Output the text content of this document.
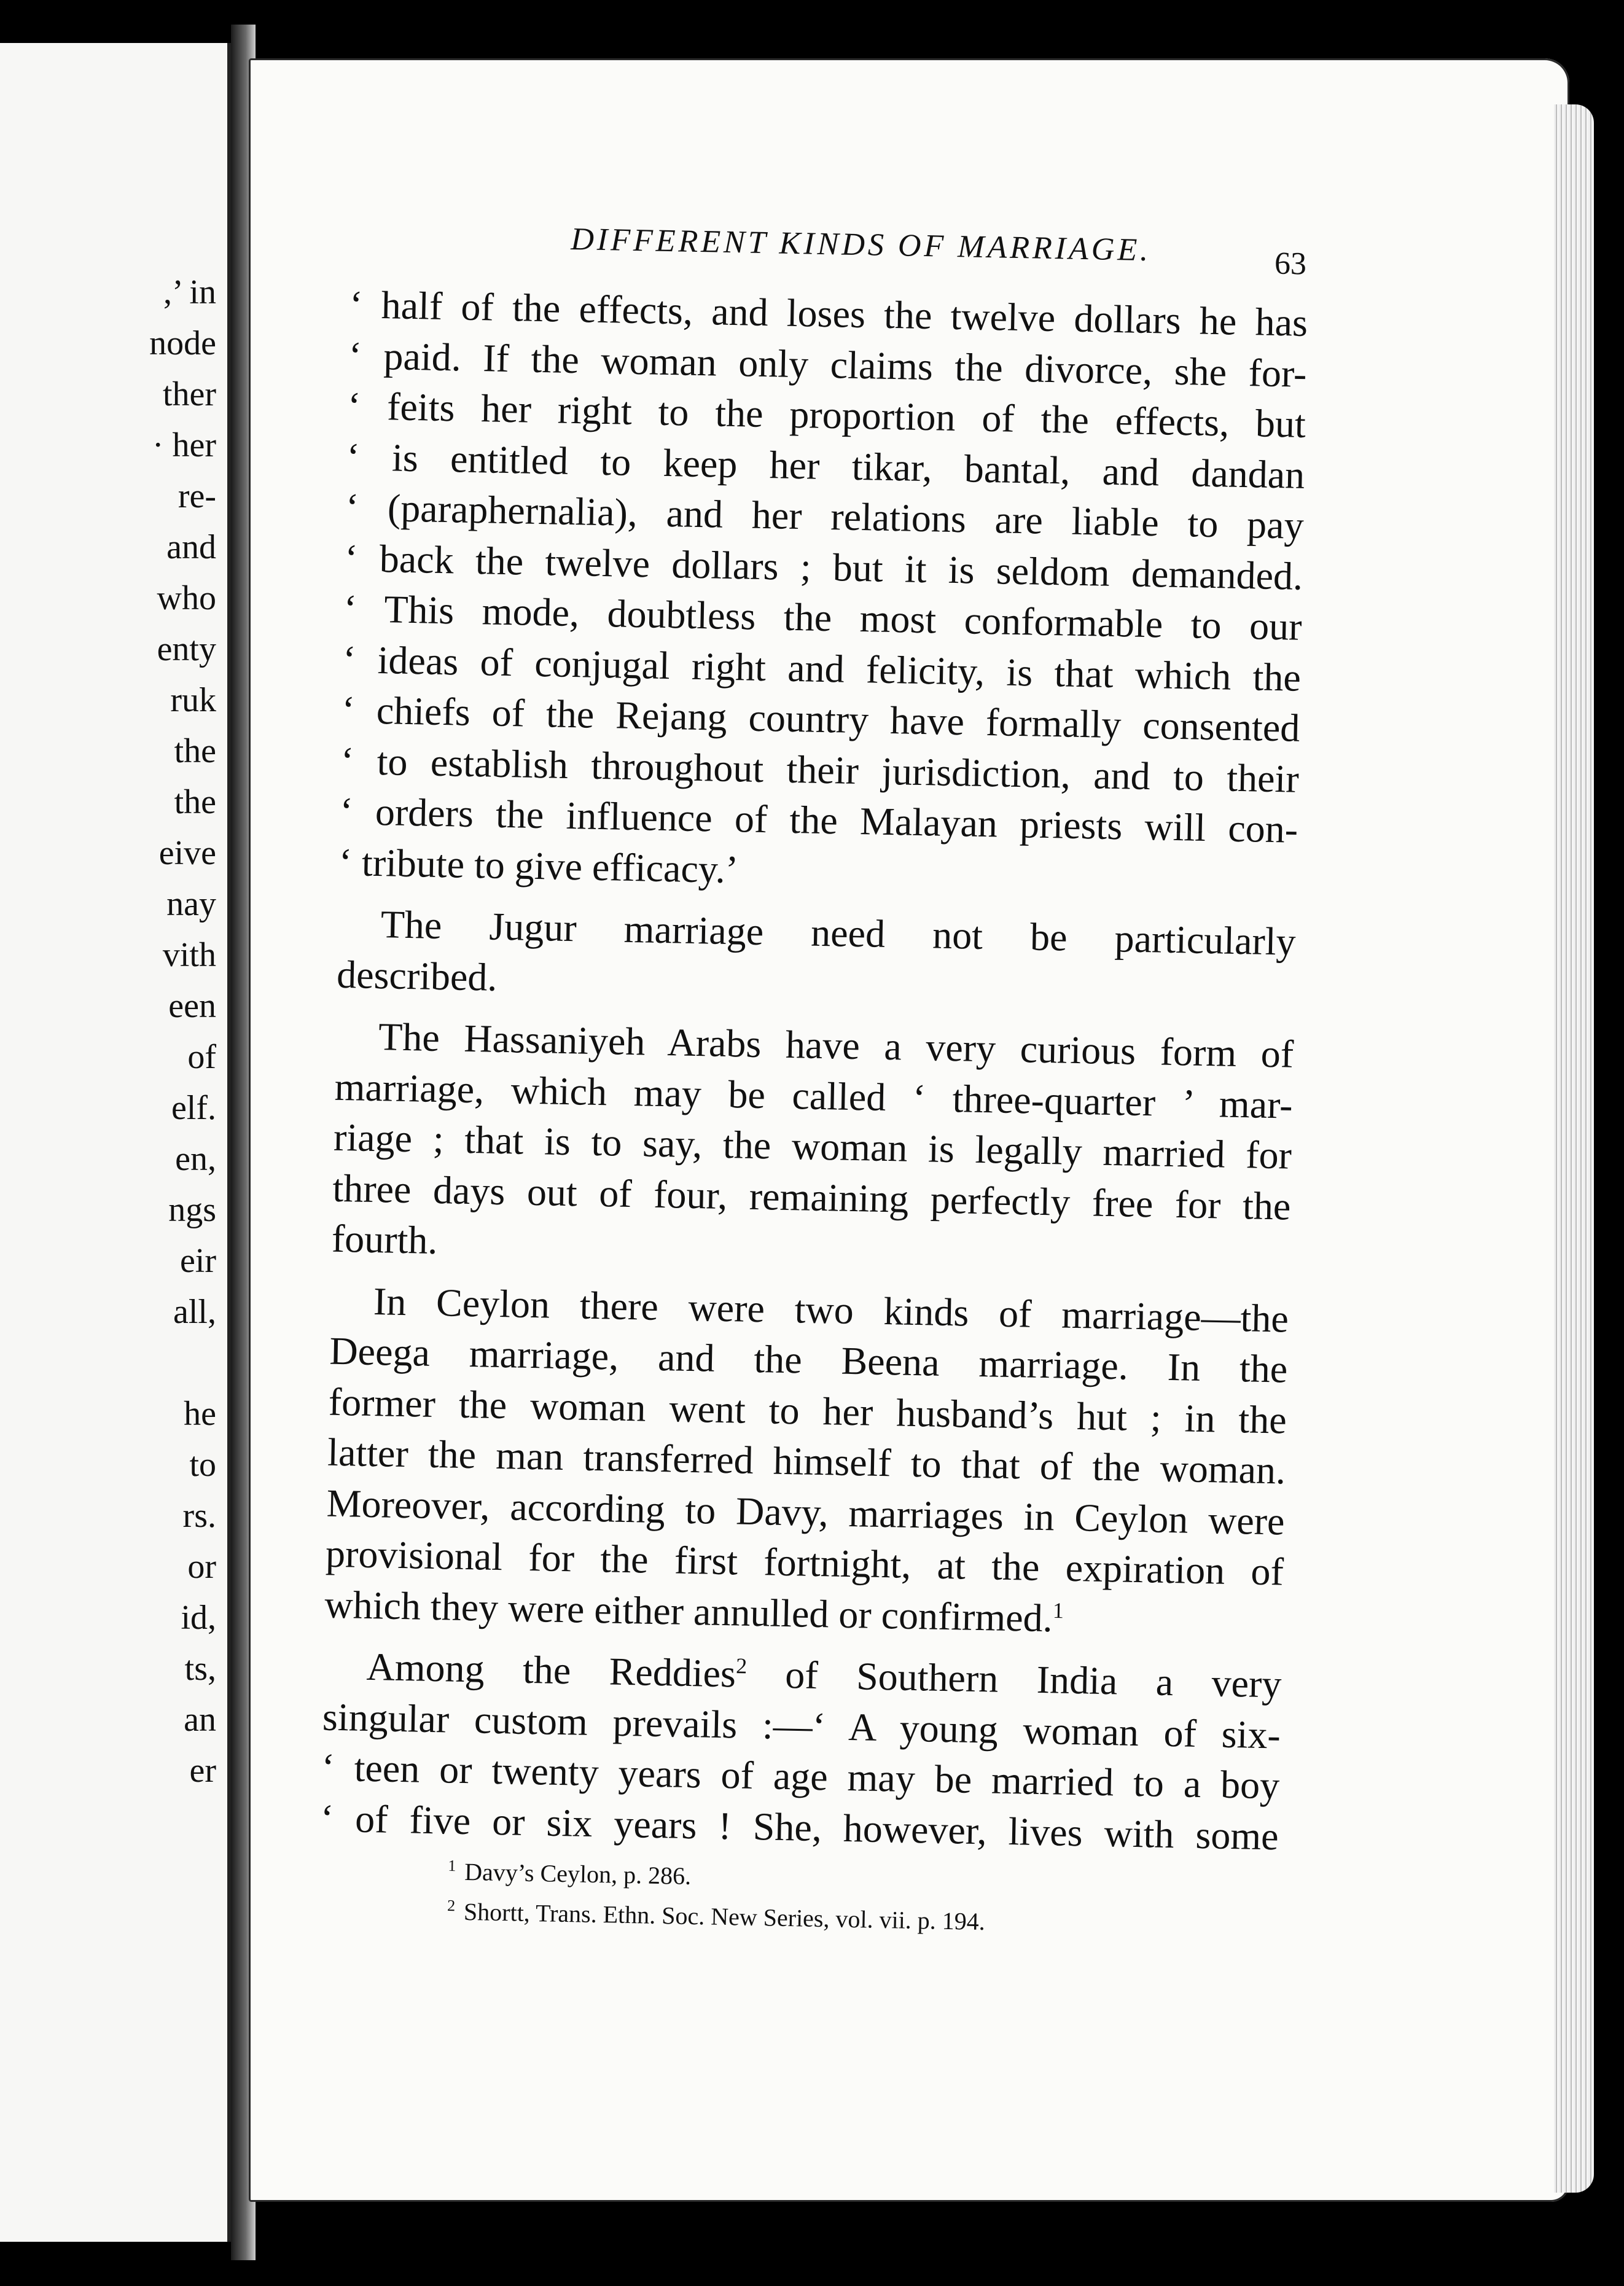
,’ in
node
ther
· her
re-
and
who
enty
ruk
the
the
eive
nay
vith
een
of
elf.
en,
ngs
eir
all,

he
to
rs.
or
id,
ts,
an
er
DIFFERENT KINDS OF MARRIAGE.	63

‘ half of the effects, and loses the twelve dollars he has
‘ paid. If the woman only claims the divorce, she for-
‘ feits her right to the proportion of the effects, but
‘ is entitled to keep her tikar, bantal, and dandan
‘ (paraphernalia), and her relations are liable to pay
‘ back the twelve dollars ; but it is seldom demanded.
‘ This mode, doubtless the most conformable to our
‘ ideas of conjugal right and felicity, is that which the
‘ chiefs of the Rejang country have formally consented
‘ to establish throughout their jurisdiction, and to their
‘ orders the influence of the Malayan priests will con-
‘ tribute to give efficacy.’

The Jugur marriage need not be particularly
described.

The Hassaniyeh Arabs have a very curious form of
marriage, which may be called ‘ three-quarter ’ mar-
riage ; that is to say, the woman is legally married for
three days out of four, remaining perfectly free for the
fourth.

In Ceylon there were two kinds of marriage—the
Deega marriage, and the Beena marriage. In the
former the woman went to her husband’s hut ; in the
latter the man transferred himself to that of the woman.
Moreover, according to Davy, marriages in Ceylon were
provisional for the first fortnight, at the expiration of
which they were either annulled or confirmed.$^1$

Among the Reddies$^2$ of Southern India a very
singular custom prevails :—‘ A young woman of six-
‘ teen or twenty years of age may be married to a boy
‘ of five or six years ! She, however, lives with some

$^1$ Davy’s Ceylon, p. 286.
$^2$ Shortt, Trans. Ethn. Soc. New Series, vol. vii. p. 194.
